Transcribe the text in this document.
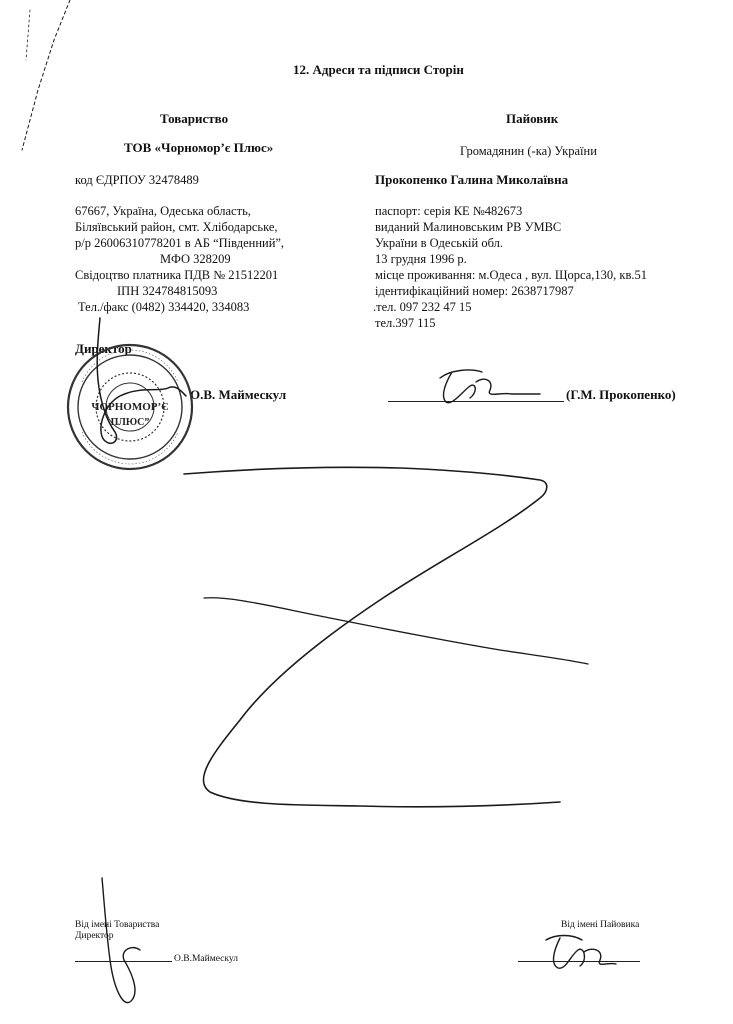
12. Адреси та підписи Сторін
Товариство	Пайовик
ТОВ «Чорномор’є Плюс»
код ЄДРПОУ 32478489
67667, Україна, Одеська область,
Біляївський район, смт. Хлібодарське,
р/р 26006310778201 в АБ “Південний”,
МФО 328209
Свідоцтво платника ПДВ № 21512201
ІПН 324784815093
Тел./факс (0482) 334420, 334083
Директор
О.В. Маймескул
Громадянин (-ка) України
Прокопенко Галина Миколаївна
паспорт: серія КЕ №482673
виданий Малиновським РВ УМВС
України в Одеській обл.
13 грудня 1996 р.
місце проживання: м.Одеса , вул. Щорса,130, кв.51
ідентифікаційний номер: 2638717987
.тел. 097 232 47 15
тел.397 115
(Г.М. Прокопенко)
Від імені Товариства
Директор
О.В.Маймескул
Від імені Пайовика
ЧОРНОМОР’Є
ПЛЮС”
